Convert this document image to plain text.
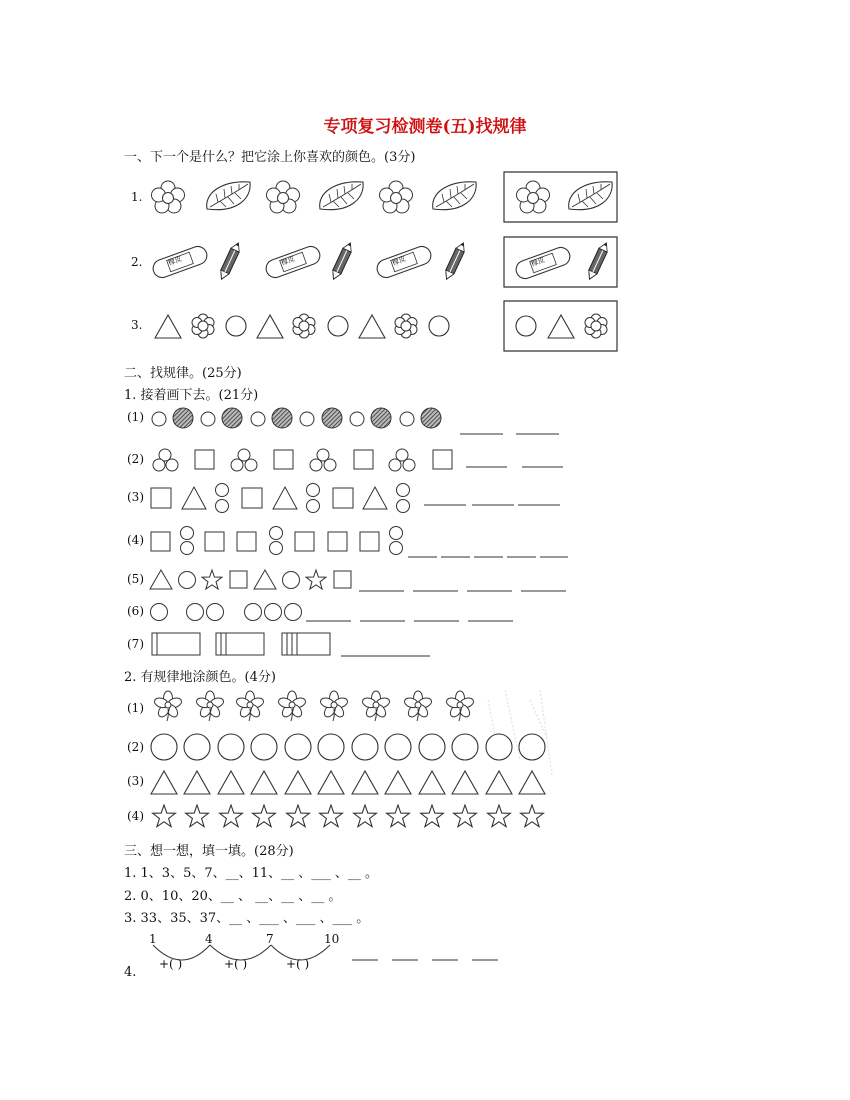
专项复习检测卷(五)找规律
一、下一个是什么？把它涂上你喜欢的颜色。(3分)
1.
2.
3.
二、找规律。(25分)
1. 接着画下去。(21分)
(1)
(2)
(3)
(4)
(5)
(6)
(7)
2. 有规律地涂颜色。(4分)
(1)
(2)
(3)
(4)
三、想一想，填一填。(28分)
1. 1、3、5、7、__、11、__ 、___ 、__ 。
2. 0、10、20、__ 、 __、__ 、__ 。
3. 33、35、37、__ 、___ 、___ 、___ 。
1	4	7	10
+( )	+( )	+( )
4.
橡皮	橡皮	橡皮	橡皮
